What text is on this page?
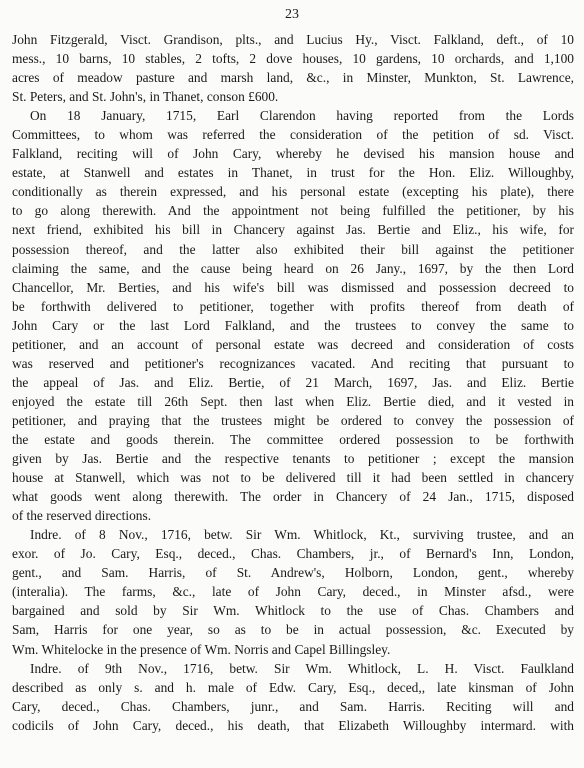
23
John Fitzgerald, Visct. Grandison, plts., and Lucius Hy., Visct. Falkland, deft., of 10
mess., 10 barns, 10 stables, 2 tofts, 2 dove houses, 10 gardens, 10 orchards, and 1,100
acres of meadow pasture and marsh land, &c., in Minster, Munkton, St. Lawrence,
St. Peters, and St. John's, in Thanet, conson £600.
On 18 January, 1715, Earl Clarendon having reported from the Lords
Committees, to whom was referred the consideration of the petition of sd. Visct.
Falkland, reciting will of John Cary, whereby he devised his mansion house and
estate, at Stanwell and estates in Thanet, in trust for the Hon. Eliz. Willoughby,
conditionally as therein expressed, and his personal estate (excepting his plate), there
to go along therewith. And the appointment not being fulfilled the petitioner, by his
next friend, exhibited his bill in Chancery against Jas. Bertie and Eliz., his wife, for
possession thereof, and the latter also exhibited their bill against the petitioner
claiming the same, and the cause being heard on 26 Jany., 1697, by the then Lord
Chancellor, Mr. Berties, and his wife's bill was dismissed and possession decreed to
be forthwith delivered to petitioner, together with profits thereof from death of
John Cary or the last Lord Falkland, and the trustees to convey the same to
petitioner, and an account of personal estate was decreed and consideration of costs
was reserved and petitioner's recognizances vacated. And reciting that pursuant to
the appeal of Jas. and Eliz. Bertie, of 21 March, 1697, Jas. and Eliz. Bertie
enjoyed the estate till 26th Sept. then last when Eliz. Bertie died, and it vested in
petitioner, and praying that the trustees might be ordered to convey the possession of
the estate and goods therein. The committee ordered possession to be forthwith
given by Jas. Bertie and the respective tenants to petitioner ; except the mansion
house at Stanwell, which was not to be delivered till it had been settled in chancery
what goods went along therewith. The order in Chancery of 24 Jan., 1715, disposed
of the reserved directions.
Indre. of 8 Nov., 1716, betw. Sir Wm. Whitlock, Kt., surviving trustee, and an
exor. of Jo. Cary, Esq., deced., Chas. Chambers, jr., of Bernard's Inn, London,
gent., and Sam. Harris, of St. Andrew's, Holborn, London, gent., whereby
(interalia). The farms, &c., late of John Cary, deced., in Minster afsd., were
bargained and sold by Sir Wm. Whitlock to the use of Chas. Chambers and
Sam, Harris for one year, so as to be in actual possession, &c. Executed by
Wm. Whitelocke in the presence of Wm. Norris and Capel Billingsley.
Indre. of 9th Nov., 1716, betw. Sir Wm. Whitlock, L. H. Visct. Faulkland
described as only s. and h. male of Edw. Cary, Esq., deced,, late kinsman of John
Cary, deced., Chas. Chambers, junr., and Sam. Harris. Reciting will and
codicils of John Cary, deced., his death, that Elizabeth Willoughby intermard. with
